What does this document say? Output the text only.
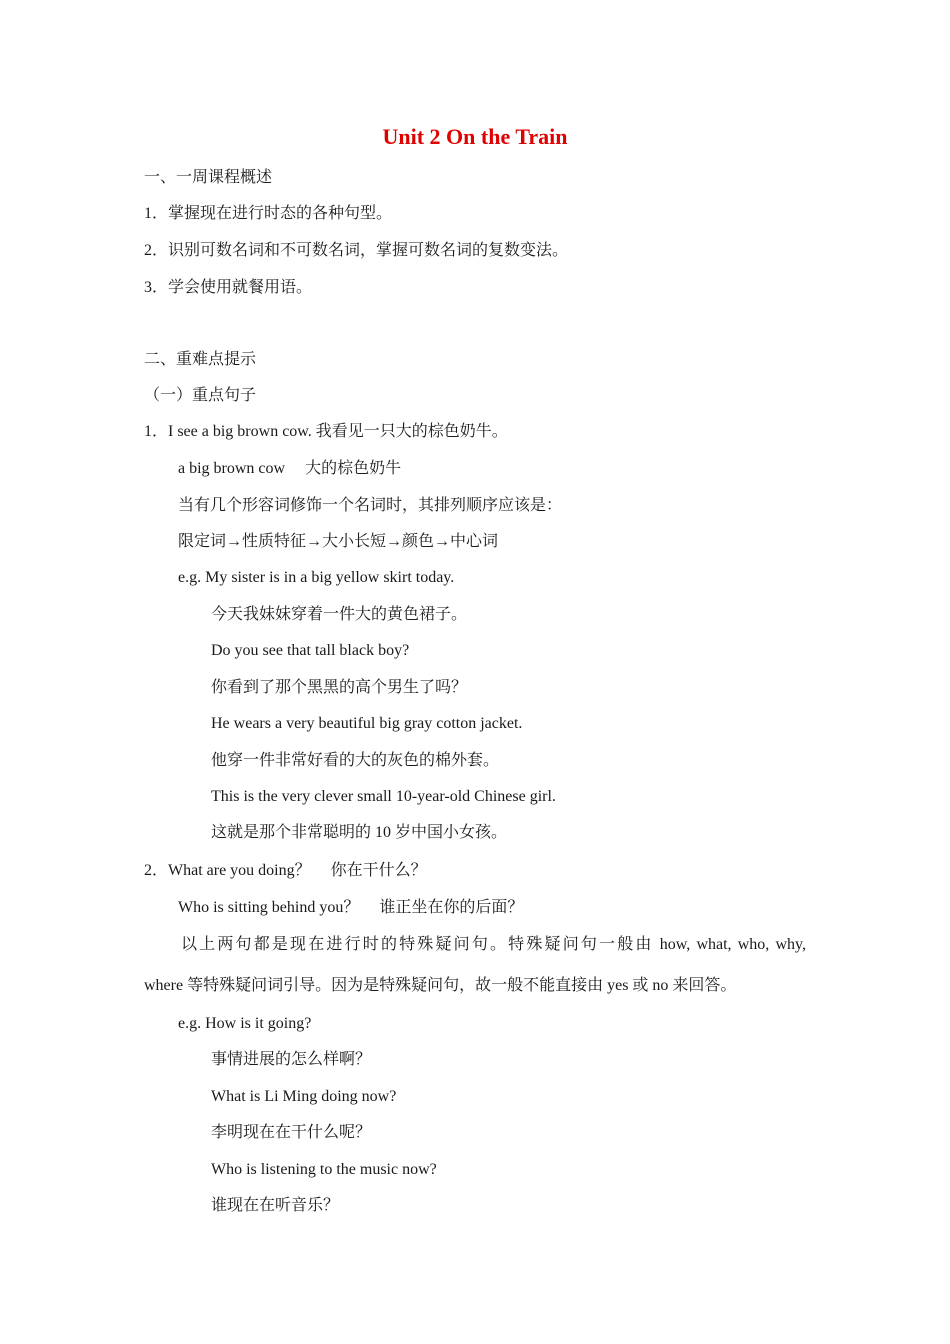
Unit 2 On the Train
一、一周课程概述
1．掌握现在进行时态的各种句型。
2．识别可数名词和不可数名词，掌握可数名词的复数变法。
3．学会使用就餐用语。
二、重难点提示
（一）重点句子
1．I see a big brown cow. 我看见一只大的棕色奶牛。
a big brown cow 大的棕色奶牛
当有几个形容词修饰一个名词时，其排列顺序应该是：
限定词→性质特征→大小长短→颜色→中心词
e.g. My sister is in a big yellow skirt today.
今天我妹妹穿着一件大的黄色裙子。
Do you see that tall black boy?
你看到了那个黑黑的高个男生了吗？
He wears a very beautiful big gray cotton jacket.
他穿一件非常好看的大的灰色的棉外套。
This is the very clever small 10-year-old Chinese girl.
这就是那个非常聪明的 10 岁中国小女孩。
2．What are you doing？ 你在干什么？
Who is sitting behind you？ 谁正坐在你的后面？
以上两句都是现在进行时的特殊疑问句。特殊疑问句一般由 how, what, who, why,
where 等特殊疑问词引导。因为是特殊疑问句，故一般不能直接由 yes 或 no 来回答。
e.g. How is it going?
事情进展的怎么样啊？
What is Li Ming doing now?
李明现在在干什么呢？
Who is listening to the music now?
谁现在在听音乐？
